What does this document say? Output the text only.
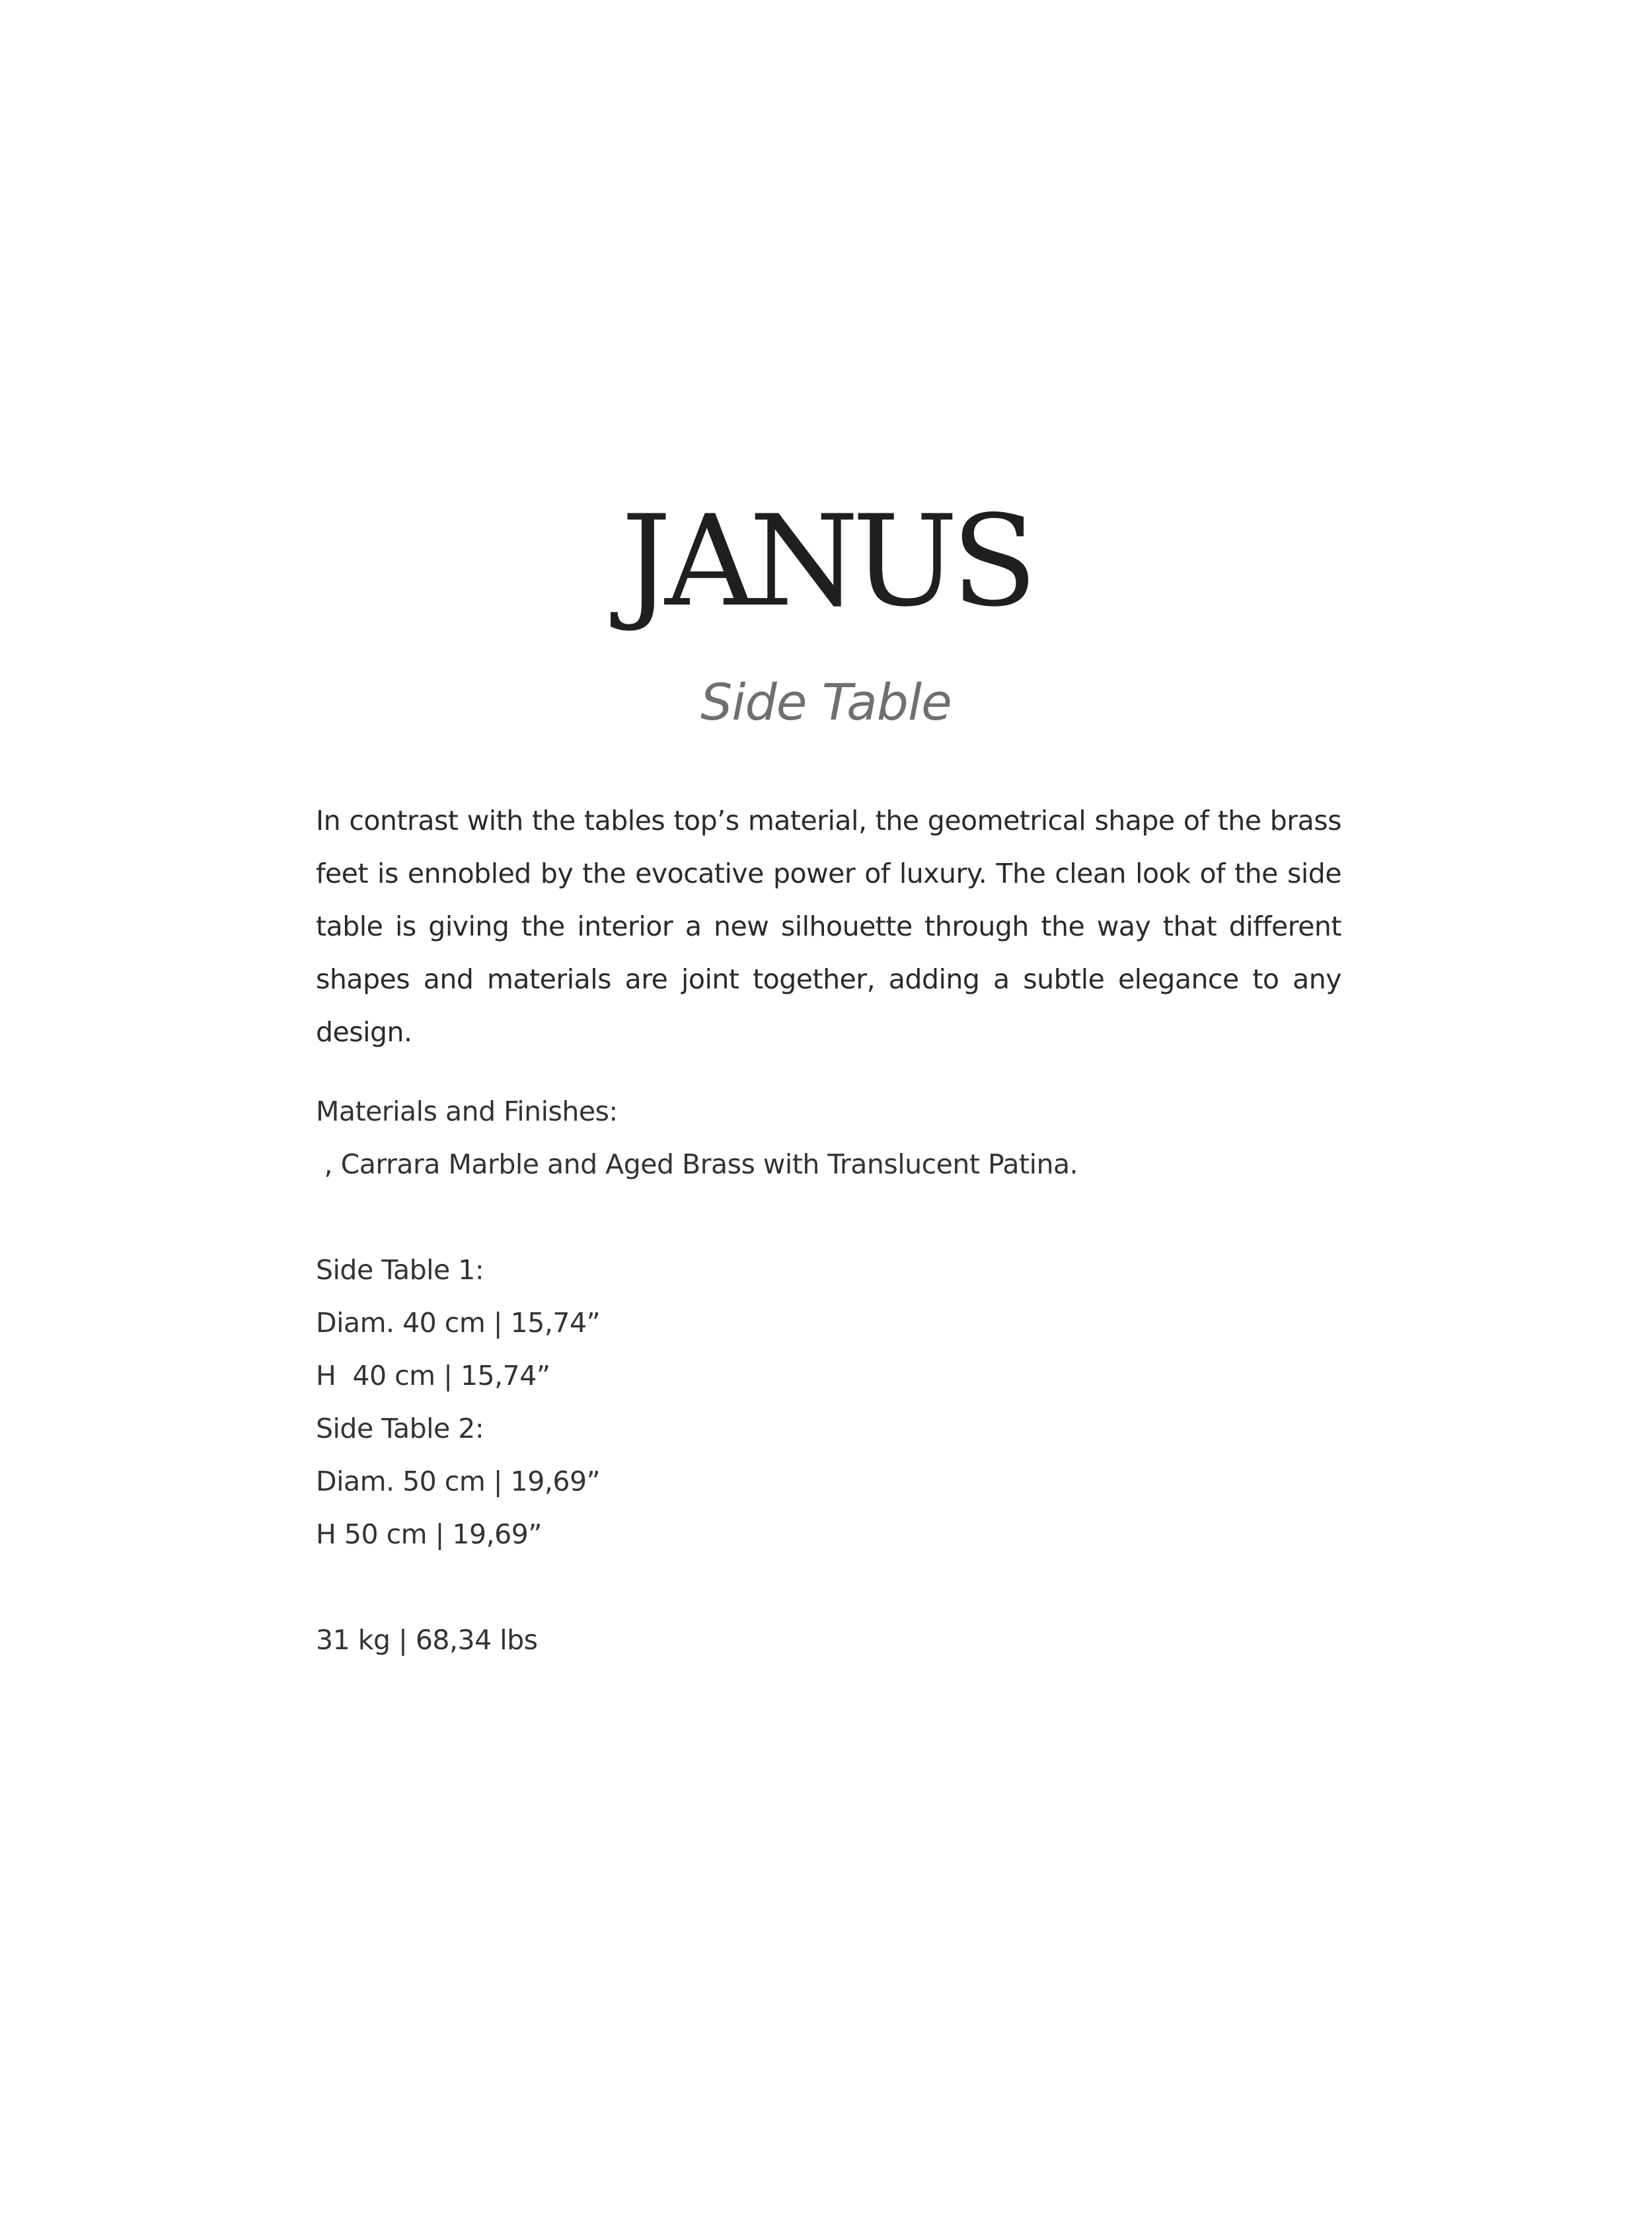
JANUS
Side Table

In contrast with the tables top’s material, the geometrical shape of the brass feet is ennobled by the evocative power of luxury. The clean look of the side table is giving the interior a new silhouette through the way that different shapes and materials are joint together, adding a subtle elegance to any design.

Materials and Finishes:
, Carrara Marble and Aged Brass with Translucent Patina.
Side Table 1:
Diam. 40 cm | 15,74”
H  40 cm | 15,74”
Side Table 2:
Diam. 50 cm | 19,69”
H 50 cm | 19,69”
31 kg | 68,34 lbs
